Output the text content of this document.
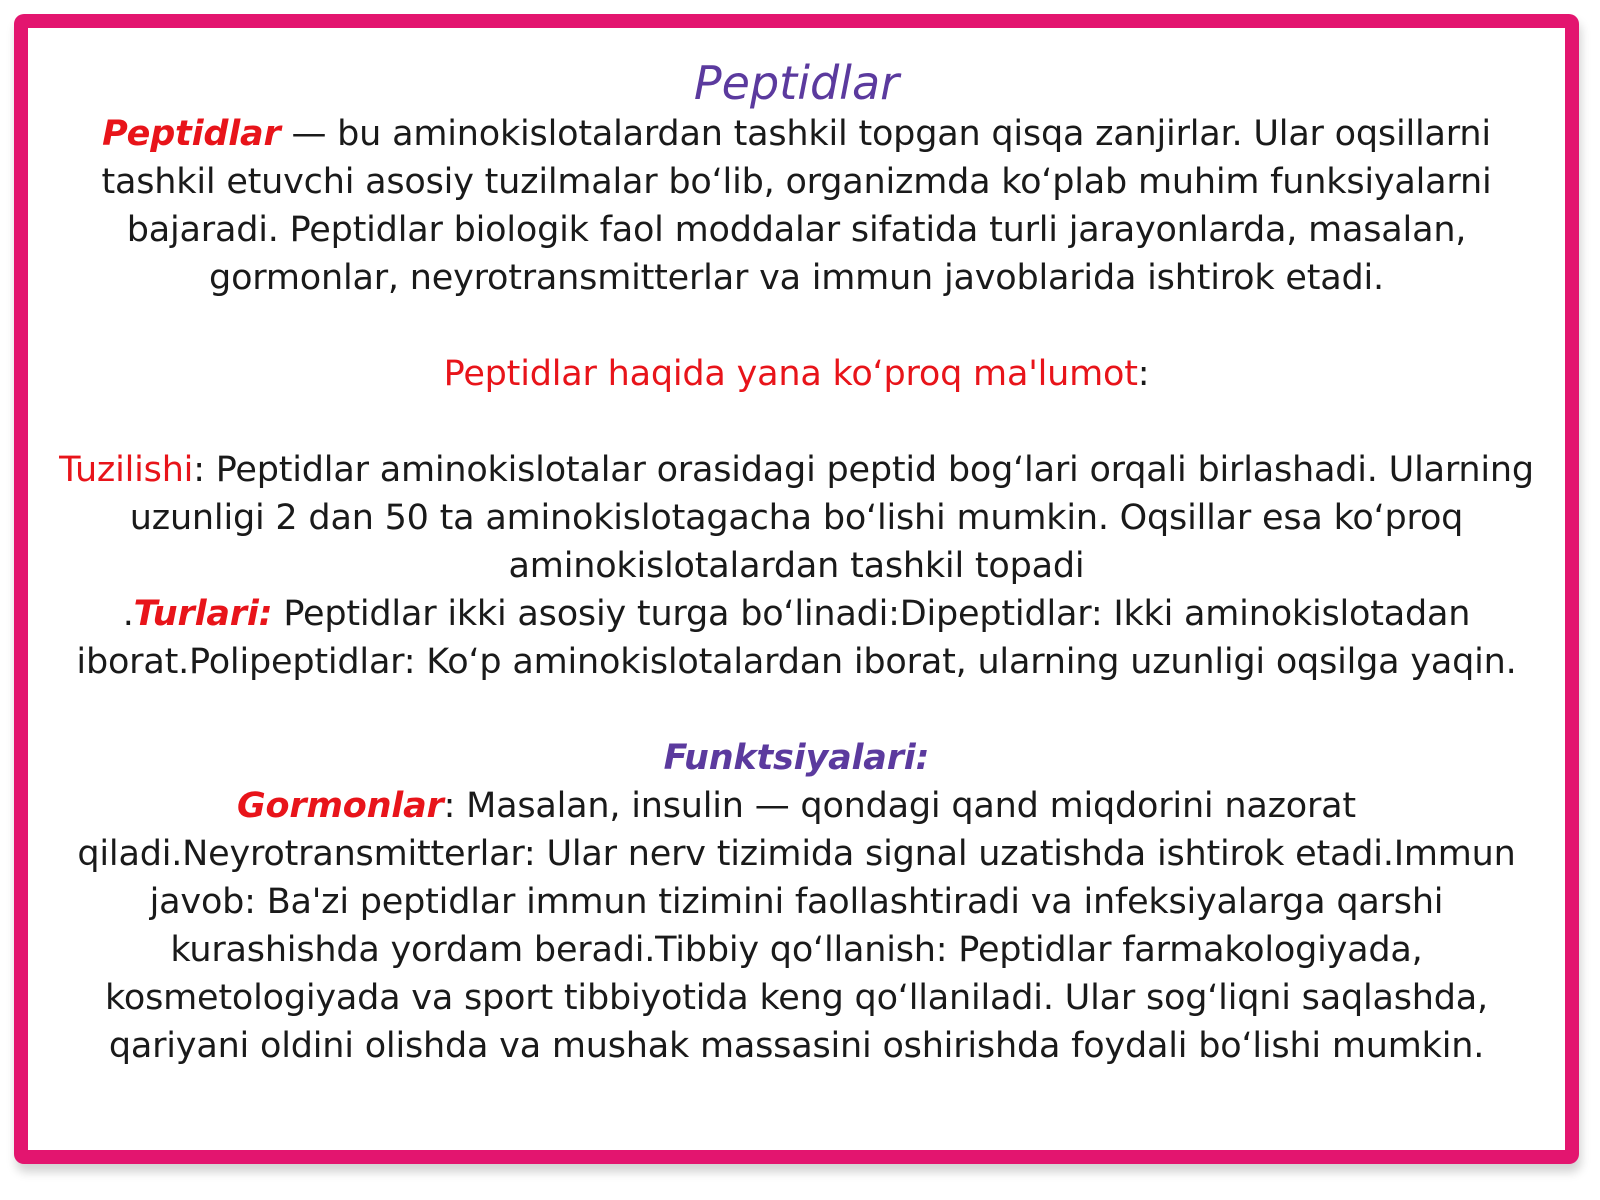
Peptidlar

Peptidlar — bu aminokislotalardan tashkil topgan qisqa zanjirlar. Ular oqsillarni tashkil etuvchi asosiy tuzilmalar boʻlib, organizmda koʻplab muhim funksiyalarni bajaradi. Peptidlar biologik faol moddalar sifatida turli jarayonlarda, masalan, gormonlar, neyrotransmitterlar va immun javoblarida ishtirok etadi.

Peptidlar haqida yana koʻproq ma'lumot:

Tuzilishi: Peptidlar aminokislotalar orasidagi peptid bogʻlari orqali birlashadi. Ularning uzunligi 2 dan 50 ta aminokislotagacha boʻlishi mumkin. Oqsillar esa koʻproq aminokislotalardan tashkil topadi

.Turlari: Peptidlar ikki asosiy turga boʻlinadi:Dipeptidlar: Ikki aminokislotadan iborat.Polipeptidlar: Koʻp aminokislotalardan iborat, ularning uzunligi oqsilga yaqin.

Funktsiyalari:

Gormonlar: Masalan, insulin — qondagi qand miqdorini nazorat qiladi.Neyrotransmitterlar: Ular nerv tizimida signal uzatishda ishtirok etadi.Immun javob: Ba'zi peptidlar immun tizimini faollashtiradi va infeksiyalarga qarshi kurashishda yordam beradi.Tibbiy qoʻllanish: Peptidlar farmakologiyada, kosmetologiyada va sport tibbiyotida keng qoʻllaniladi. Ular sogʻliqni saqlashda, qariyani oldini olishda va mushak massasini oshirishda foydali boʻlishi mumkin.
